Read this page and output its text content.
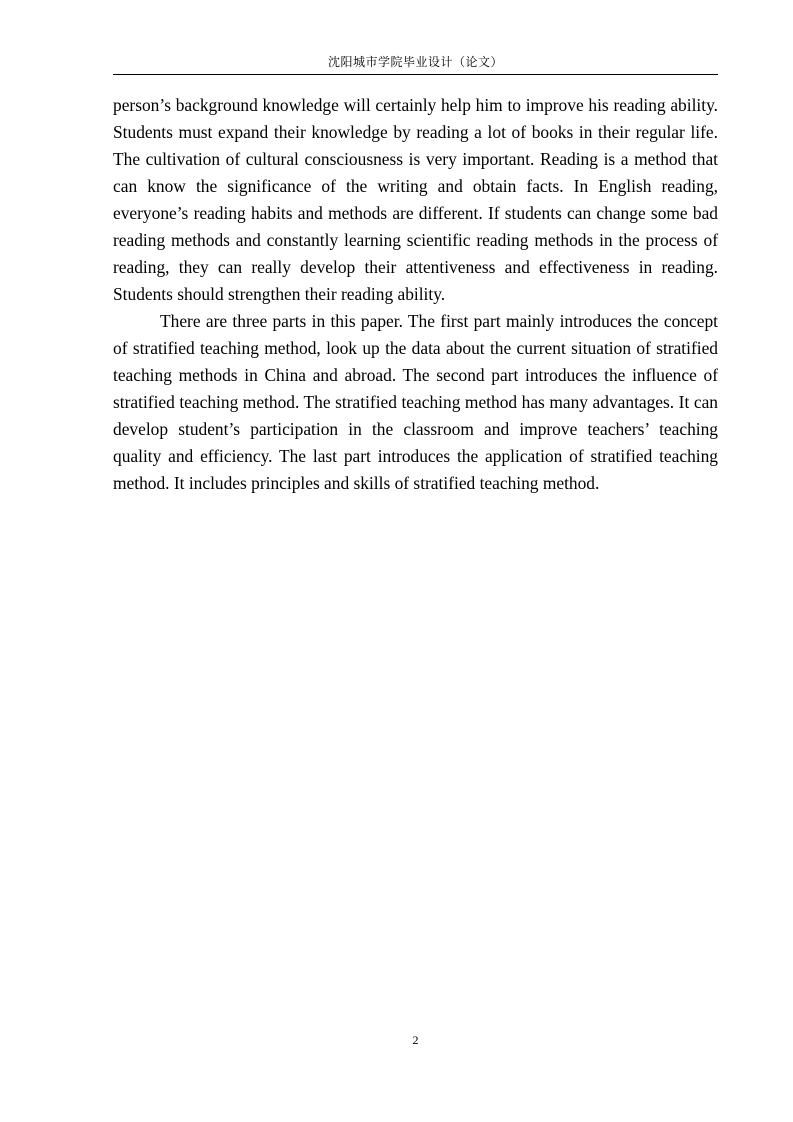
沈阳城市学院毕业设计（论文）

person’s background knowledge will certainly help him to improve his reading ability. Students must expand their knowledge by reading a lot of books in their regular life. The cultivation of cultural consciousness is very important. Reading is a method that can know the significance of the writing and obtain facts. In English reading, everyone’s reading habits and methods are different. If students can change some bad reading methods and constantly learning scientific reading methods in the process of reading, they can really develop their attentiveness and effectiveness in reading. Students should strengthen their reading ability.

There are three parts in this paper. The first part mainly introduces the concept of stratified teaching method, look up the data about the current situation of stratified teaching methods in China and abroad. The second part introduces the influence of stratified teaching method. The stratified teaching method has many advantages. It can develop student’s participation in the classroom and improve teachers’ teaching quality and efficiency. The last part introduces the application of stratified teaching method. It includes principles and skills of stratified teaching method.

2
